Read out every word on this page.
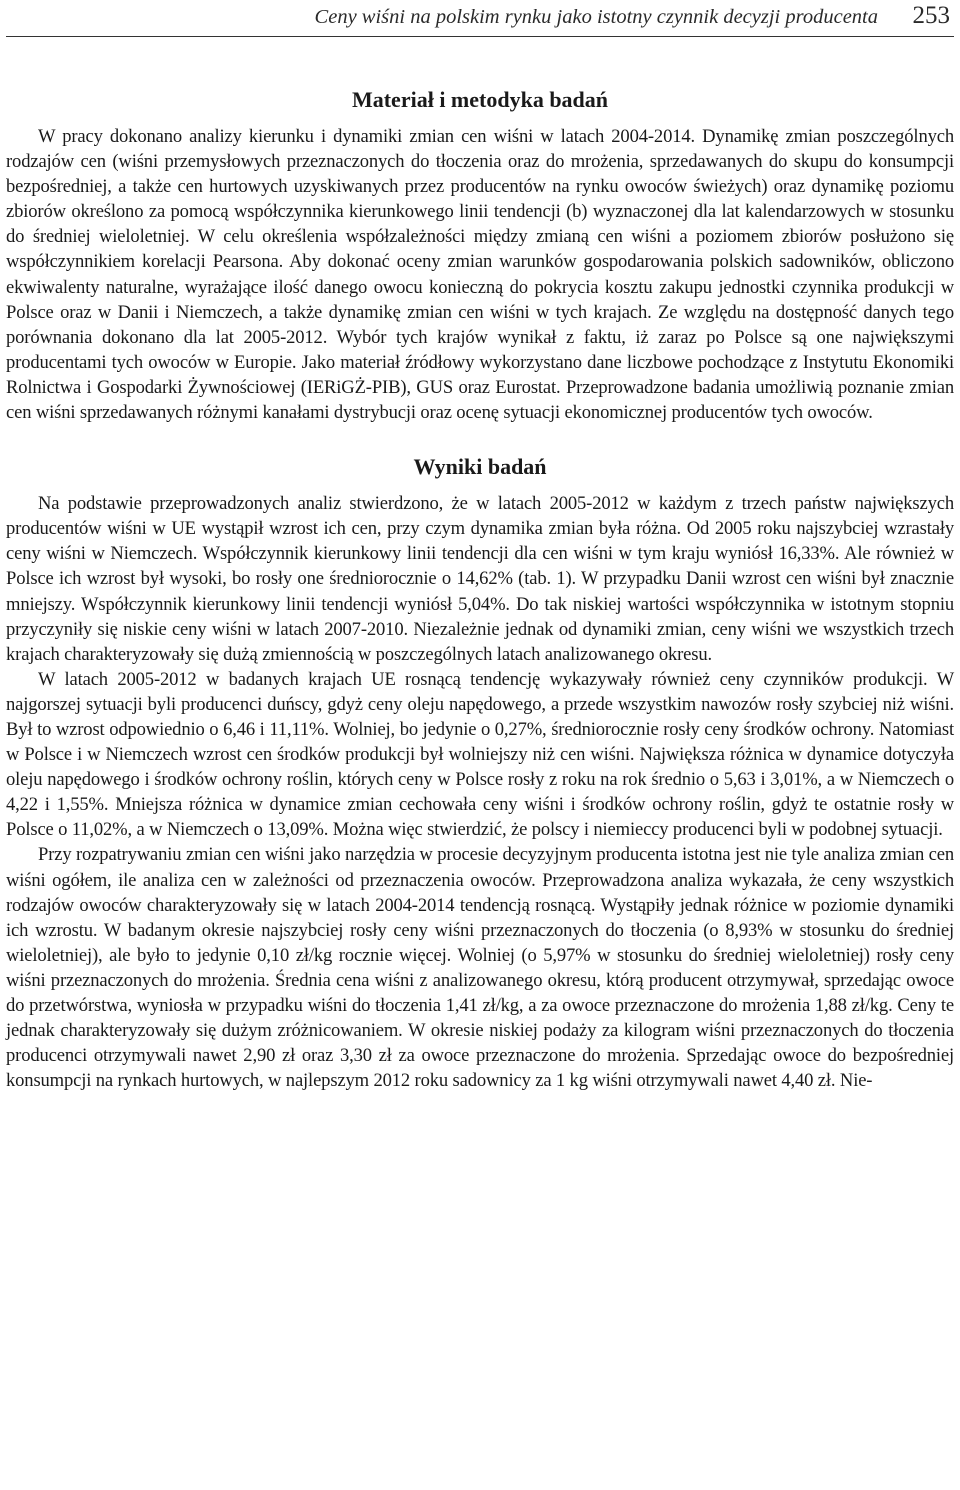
Ceny wiśni na polskim rynku jako istotny czynnik decyzji producenta 253
Materiał i metodyka badań

W pracy dokonano analizy kierunku i dynamiki zmian cen wiśni w latach 2004-2014. Dynamikę zmian poszczególnych rodzajów cen (wiśni przemysłowych przeznaczonych do tłoczenia oraz do mrożenia, sprzedawanych do skupu do konsumpcji bezpośredniej, a także cen hurtowych uzyskiwanych przez producentów na rynku owoców świeżych) oraz dynamikę poziomu zbiorów określono za pomocą współczynnika kierunkowego linii tendencji (b) wyznaczonej dla lat kalendarzowych w stosunku do średniej wieloletniej. W celu określenia współzależności między zmianą cen wiśni a poziomem zbiorów posłużono się współczynnikiem korelacji Pearsona. Aby dokonać oceny zmian warunków gospodarowania polskich sadowników, obliczono ekwiwalenty naturalne, wyrażające ilość danego owocu konieczną do pokrycia kosztu zakupu jednostki czynnika produkcji w Polsce oraz w Danii i Niemczech, a także dynamikę zmian cen wiśni w tych krajach. Ze względu na dostępność danych tego porównania dokonano dla lat 2005-2012. Wybór tych krajów wynikał z faktu, iż zaraz po Polsce są one największymi producentami tych owoców w Europie. Jako materiał źródłowy wykorzystano dane liczbowe pochodzące z Instytutu Ekonomiki Rolnictwa i Gospodarki Żywnościowej (IERiGŻ-PIB), GUS oraz Eurostat. Przeprowadzone badania umożliwią poznanie zmian cen wiśni sprzedawanych różnymi kanałami dystrybucji oraz ocenę sytuacji ekonomicznej producentów tych owoców.

Wyniki badań

Na podstawie przeprowadzonych analiz stwierdzono, że w latach 2005-2012 w każdym z trzech państw największych producentów wiśni w UE wystąpił wzrost ich cen, przy czym dynamika zmian była różna. Od 2005 roku najszybciej wzrastały ceny wiśni w Niemczech. Współczynnik kierunkowy linii tendencji dla cen wiśni w tym kraju wyniósł 16,33%. Ale również w Polsce ich wzrost był wysoki, bo rosły one średniorocznie o 14,62% (tab. 1). W przypadku Danii wzrost cen wiśni był znacznie mniejszy. Współczynnik kierunkowy linii tendencji wyniósł 5,04%. Do tak niskiej wartości współczynnika w istotnym stopniu przyczyniły się niskie ceny wiśni w latach 2007-2010. Niezależnie jednak od dynamiki zmian, ceny wiśni we wszystkich trzech krajach charakteryzowały się dużą zmiennością w poszczególnych latach analizowanego okresu.

W latach 2005-2012 w badanych krajach UE rosnącą tendencję wykazywały również ceny czynników produkcji. W najgorszej sytuacji byli producenci duńscy, gdyż ceny oleju napędowego, a przede wszystkim nawozów rosły szybciej niż wiśni. Był to wzrost odpowiednio o 6,46 i 11,11%. Wolniej, bo jedynie o 0,27%, średniorocznie rosły ceny środków ochrony. Natomiast w Polsce i w Niemczech wzrost cen środków produkcji był wolniejszy niż cen wiśni. Największa różnica w dynamice dotyczyła oleju napędowego i środków ochrony roślin, których ceny w Polsce rosły z roku na rok średnio o 5,63 i 3,01%, a w Niemczech o 4,22 i 1,55%. Mniejsza różnica w dynamice zmian cechowała ceny wiśni i środków ochrony roślin, gdyż te ostatnie rosły w Polsce o 11,02%, a w Niemczech o 13,09%. Można więc stwierdzić, że polscy i niemieccy producenci byli w podobnej sytuacji.

Przy rozpatrywaniu zmian cen wiśni jako narzędzia w procesie decyzyjnym producenta istotna jest nie tyle analiza zmian cen wiśni ogółem, ile analiza cen w zależności od przeznaczenia owoców. Przeprowadzona analiza wykazała, że ceny wszystkich rodzajów owoców charakteryzowały się w latach 2004-2014 tendencją rosnącą. Wystąpiły jednak różnice w poziomie dynamiki ich wzrostu. W badanym okresie najszybciej rosły ceny wiśni przeznaczonych do tłoczenia (o 8,93% w stosunku do średniej wieloletniej), ale było to jedynie 0,10 zł/kg rocznie więcej. Wolniej (o 5,97% w stosunku do średniej wieloletniej) rosły ceny wiśni przeznaczonych do mrożenia. Średnia cena wiśni z analizowanego okresu, którą producent otrzymywał, sprzedając owoce do przetwórstwa, wyniosła w przypadku wiśni do tłoczenia 1,41 zł/kg, a za owoce przeznaczone do mrożenia 1,88 zł/kg. Ceny te jednak charakteryzowały się dużym zróżnicowaniem. W okresie niskiej podaży za kilogram wiśni przeznaczonych do tłoczenia producenci otrzymywali nawet 2,90 zł oraz 3,30 zł za owoce przeznaczone do mrożenia. Sprzedając owoce do bezpośredniej konsumpcji na rynkach hurtowych, w najlepszym 2012 roku sadownicy za 1 kg wiśni otrzymywali nawet 4,40 zł. Nie-
